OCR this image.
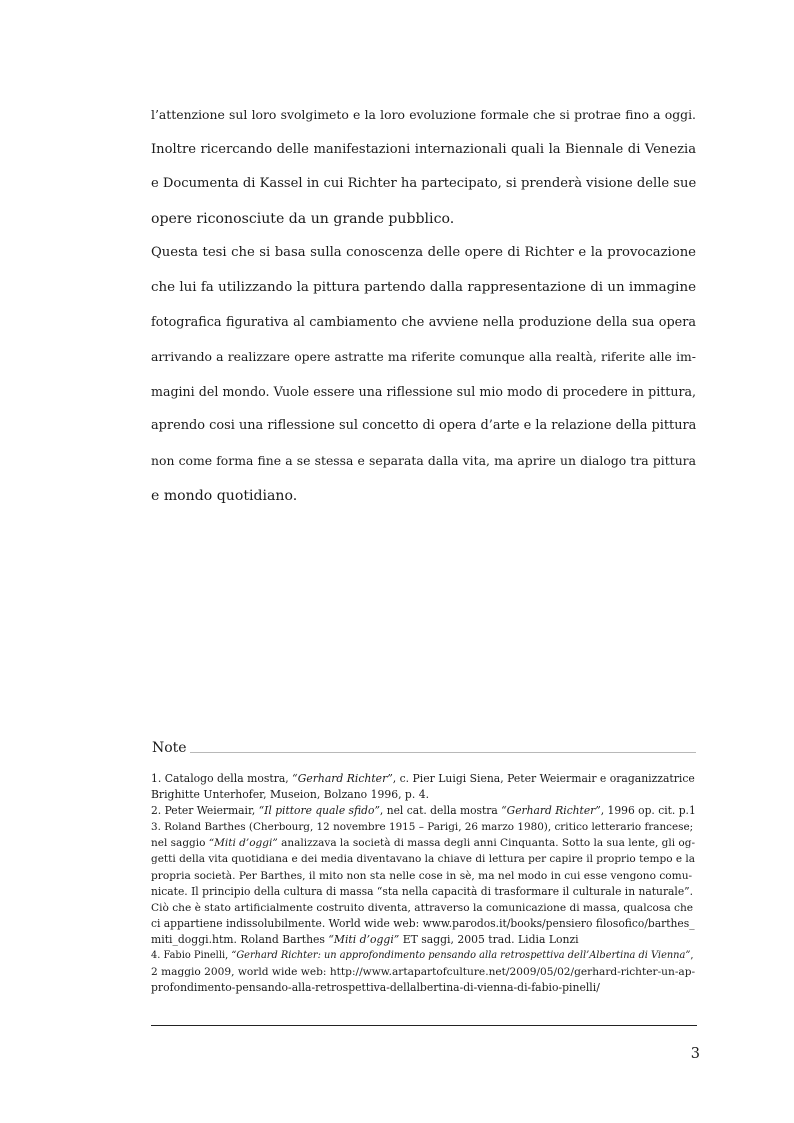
l’attenzione sul loro svolgimeto e la loro evoluzione formale che si protrae fino a oggi.
Inoltre ricercando delle manifestazioni internazionali quali la Biennale di Venezia
e Documenta di Kassel in cui Richter ha partecipato, si prenderà visione delle sue
opere riconosciute da un grande pubblico.
Questa tesi che si basa sulla conoscenza delle opere di Richter e la provocazione
che lui fa utilizzando la pittura partendo dalla rappresentazione di un immagine
fotografica figurativa al cambiamento che avviene nella produzione della sua opera
arrivando a realizzare opere astratte ma riferite comunque alla realtà, riferite alle im-
magini del mondo. Vuole essere una riflessione sul mio modo di procedere in pittura,
aprendo cosi una riflessione sul concetto di opera d’arte e la relazione della pittura
non come forma fine a se stessa e separata dalla vita, ma aprire un dialogo tra pittura
e mondo quotidiano.
Note
1. Catalogo della mostra, “Gerhard Richter”, c. Pier Luigi Siena, Peter Weiermair e oraganizzatrice
Brighitte Unterhofer, Museion, Bolzano 1996, p. 4.
2. Peter Weiermair, “Il pittore quale sfido”, nel cat. della mostra “Gerhard Richter”, 1996 op. cit. p.1
3. Roland Barthes (Cherbourg, 12 novembre 1915 – Parigi, 26 marzo 1980), critico letterario francese;
nel saggio “Miti d’oggi” analizzava la società di massa degli anni Cinquanta. Sotto la sua lente, gli og-
getti della vita quotidiana e dei media diventavano la chiave di lettura per capire il proprio tempo e la
propria società. Per Barthes, il mito non sta nelle cose in sè, ma nel modo in cui esse vengono comu-
nicate. Il principio della cultura di massa “sta nella capacità di trasformare il culturale in naturale”.
Ciò che è stato artificialmente costruito diventa, attraverso la comunicazione di massa, qualcosa che
ci appartiene indissolubilmente. World wide web: www.parodos.it/books/pensiero filosofico/barthes_
miti_doggi.htm. Roland Barthes “Miti d’oggi” ET saggi, 2005 trad. Lidia Lonzi
4. Fabio Pinelli, “Gerhard Richter: un approfondimento pensando alla retrospettiva dell’Albertina di Vienna”,
2 maggio 2009, world wide web: http://www.artapartofculture.net/2009/05/02/gerhard-richter-un-ap-
profondimento-pensando-alla-retrospettiva-dellalbertina-di-vienna-di-fabio-pinelli/
3
